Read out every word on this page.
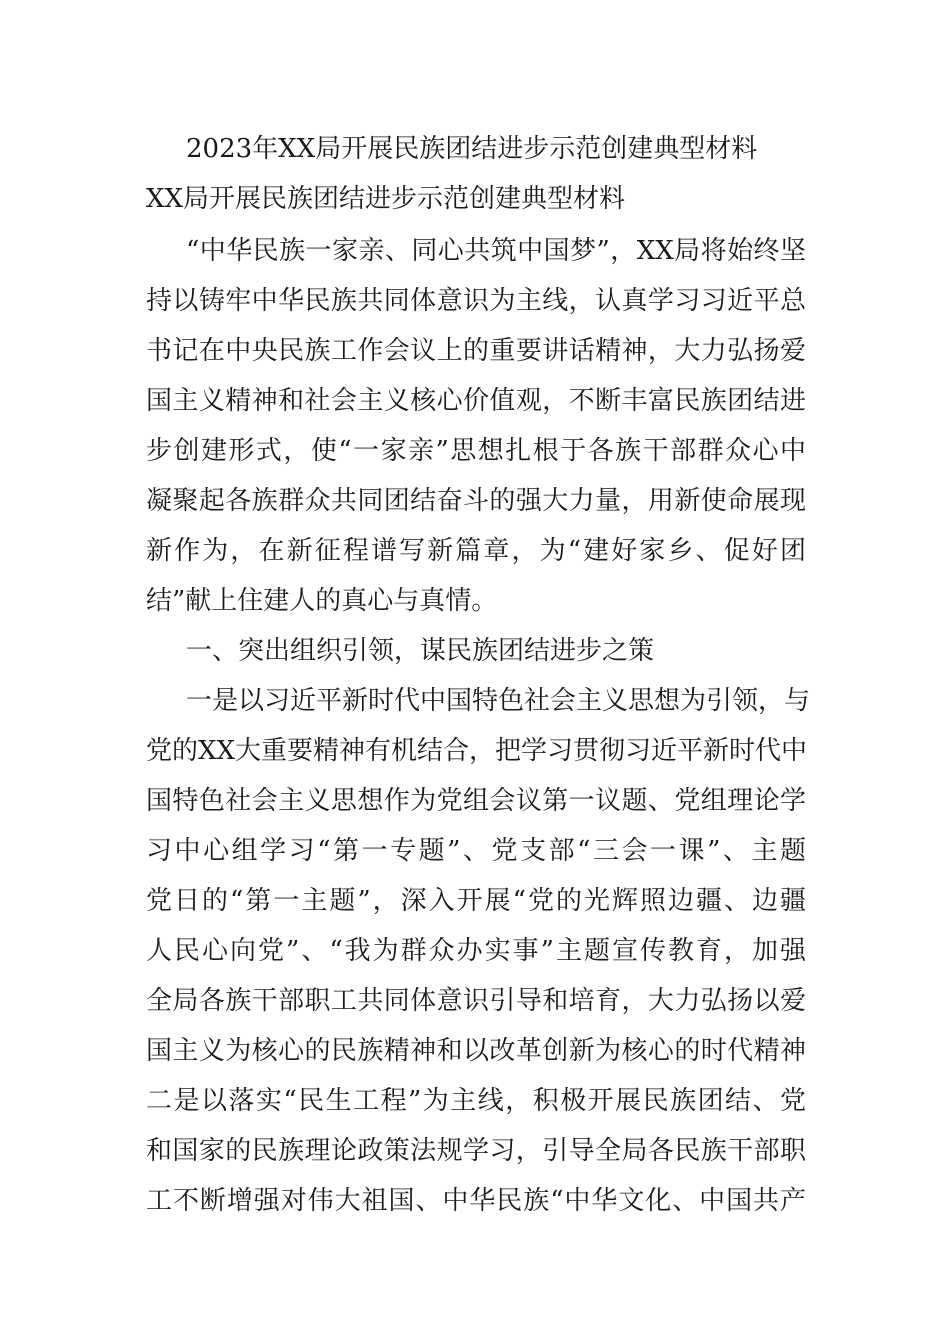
2023年XX局开展民族团结进步示范创建典型材料
XX局开展民族团结进步示范创建典型材料
“中华民族一家亲、同心共筑中国梦”，XX局将始终坚
持以铸牢中华民族共同体意识为主线，认真学习习近平总
书记在中央民族工作会议上的重要讲话精神，大力弘扬爱
国主义精神和社会主义核心价值观，不断丰富民族团结进
步创建形式，使“一家亲”思想扎根于各族干部群众心中
凝聚起各族群众共同团结奋斗的强大力量，用新使命展现
新作为，在新征程谱写新篇章，为“建好家乡、促好团
结”献上住建人的真心与真情。
一、突出组织引领，谋民族团结进步之策
一是以习近平新时代中国特色社会主义思想为引领，与
党的XX大重要精神有机结合，把学习贯彻习近平新时代中
国特色社会主义思想作为党组会议第一议题、党组理论学
习中心组学习“第一专题”、党支部“三会一课”、主题
党日的“第一主题”，深入开展“党的光辉照边疆、边疆
人民心向党”、“我为群众办实事”主题宣传教育，加强
全局各族干部职工共同体意识引导和培育，大力弘扬以爱
国主义为核心的民族精神和以改革创新为核心的时代精神
二是以落实“民生工程”为主线，积极开展民族团结、党
和国家的民族理论政策法规学习，引导全局各民族干部职
工不断增强对伟大祖国、中华民族“中华文化、中国共产
